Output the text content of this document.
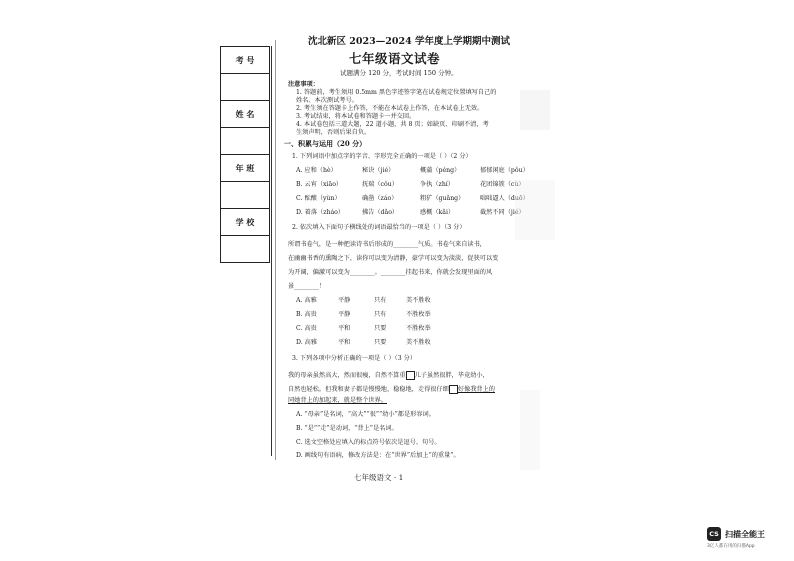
考 号

姓 名

年 班

学 校

沈北新区 2023—2024 学年度上学期期中测试
七年级语文试卷
试题满分 120 分，考试时间 150 分钟。
注意事项：
1. 答题前，考生须用 0.5mm 黑色字迹签字笔在试卷规定位置填写自己的
姓名、本次测试考号。
2. 考生须在答题卡上作答，不能在本试卷上作答，在本试卷上无效。
3. 考试结束，将本试卷和答题卡一并交回。
4. 本试卷包括三道大题，22 道小题，共 8 页；如缺页、印刷不清，考
生须声明，否则后果自负。
一、积累与运用（20 分）
1. 下列词语中加点字的字音、字形完全正确的一项是（ ）（2 分）
A. 应和（hè）	秘诀（jié）	概蒲（péng）	郁郁闲庭（pǒu）
B. 云宵（xiāo）	抚瑞（cǒu）	争执（zhí）	花团锦簇（cù）
C. 酝酿（yùn）	确凿（záo）	粗犷（guǎng）	咄咄逼人（duō）
D. 着落（zháo）	拂告（dǎo）	感概（kǎi）	截然不同（jié）
2. 依次填入下面句子横线处的词语最恰当的一项是（ ）（3 分）
所谓书卷气，是一种把读诗书后形成的________气质。书卷气来自读书，
在幽幽书香的熏陶之下，读你可以变为清静，豪学可以变为淡淡，促狭可以变
为开阔，偏激可以变为________。________挂起书来，你就会发现里面的风
景________！
A. 高雅	平静	只有	美不胜收
B. 高贵	平静	只有	不胜枚举
C. 高贵	平和	只要	不胜枚举
D. 高雅	平和	只要	美不胜收
3. 下列各项中分析正确的一项是（ ）（3 分）
我的母亲虽然高大，然而很瘦，自然不算重 儿子虽然很胖，毕竟幼小，
自然也轻松。但我和妻子都是慢慢地，稳稳地，走得很仔细 好像我背上的
同她背上的加起来，就是整个世界。
A. “母亲”是名词，“高大”“很”“幼小”都是形容词。
B. “是”“走”是动词，“背上”是名词。
C. 选文空格处应填入的标点符号依次是逗号、句号。
D. 画线句有语病，修改方法是：在“世界”后加上“的重量”。
七年级语文 · 1
CS 扫描全能王
3亿人都在用的扫描App
